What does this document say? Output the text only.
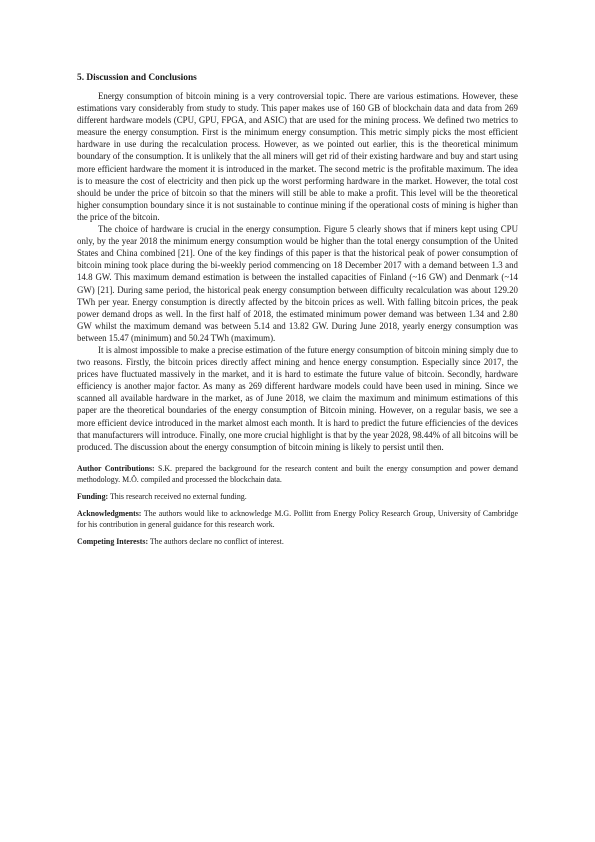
5. Discussion and Conclusions

Energy consumption of bitcoin mining is a very controversial topic. There are various estimations. However, these estimations vary considerably from study to study. This paper makes use of 160 GB of blockchain data and data from 269 different hardware models (CPU, GPU, FPGA, and ASIC) that are used for the mining process. We defined two metrics to measure the energy consumption. First is the minimum energy consumption. This metric simply picks the most efficient hardware in use during the recalculation process. However, as we pointed out earlier, this is the theoretical minimum boundary of the consumption. It is unlikely that the all miners will get rid of their existing hardware and buy and start using more efficient hardware the moment it is introduced in the market. The second metric is the profitable maximum. The idea is to measure the cost of electricity and then pick up the worst performing hardware in the market. However, the total cost should be under the price of bitcoin so that the miners will still be able to make a profit. This level will be the theoretical higher consumption boundary since it is not sustainable to continue mining if the operational costs of mining is higher than the price of the bitcoin.

The choice of hardware is crucial in the energy consumption. Figure 5 clearly shows that if miners kept using CPU only, by the year 2018 the minimum energy consumption would be higher than the total energy consumption of the United States and China combined [21]. One of the key findings of this paper is that the historical peak of power consumption of bitcoin mining took place during the bi-weekly period commencing on 18 December 2017 with a demand between 1.3 and 14.8 GW. This maximum demand estimation is between the installed capacities of Finland (~16 GW) and Denmark (~14 GW) [21]. During same period, the historical peak energy consumption between difficulty recalculation was about 129.20 TWh per year. Energy consumption is directly affected by the bitcoin prices as well. With falling bitcoin prices, the peak power demand drops as well. In the first half of 2018, the estimated minimum power demand was between 1.34 and 2.80 GW whilst the maximum demand was between 5.14 and 13.82 GW. During June 2018, yearly energy consumption was between 15.47 (minimum) and 50.24 TWh (maximum).

It is almost impossible to make a precise estimation of the future energy consumption of bitcoin mining simply due to two reasons. Firstly, the bitcoin prices directly affect mining and hence energy consumption. Especially since 2017, the prices have fluctuated massively in the market, and it is hard to estimate the future value of bitcoin. Secondly, hardware efficiency is another major factor. As many as 269 different hardware models could have been used in mining. Since we scanned all available hardware in the market, as of June 2018, we claim the maximum and minimum estimations of this paper are the theoretical boundaries of the energy consumption of Bitcoin mining. However, on a regular basis, we see a more efficient device introduced in the market almost each month. It is hard to predict the future efficiencies of the devices that manufacturers will introduce. Finally, one more crucial highlight is that by the year 2028, 98.44% of all bitcoins will be produced. The discussion about the energy consumption of bitcoin mining is likely to persist until then.

Author Contributions: S.K. prepared the background for the research content and built the energy consumption and power demand methodology. M.Ö. compiled and processed the blockchain data.

Funding: This research received no external funding.

Acknowledgments: The authors would like to acknowledge M.G. Pollitt from Energy Policy Research Group, University of Cambridge for his contribution in general guidance for this research work.

Competing Interests: The authors declare no conflict of interest.
